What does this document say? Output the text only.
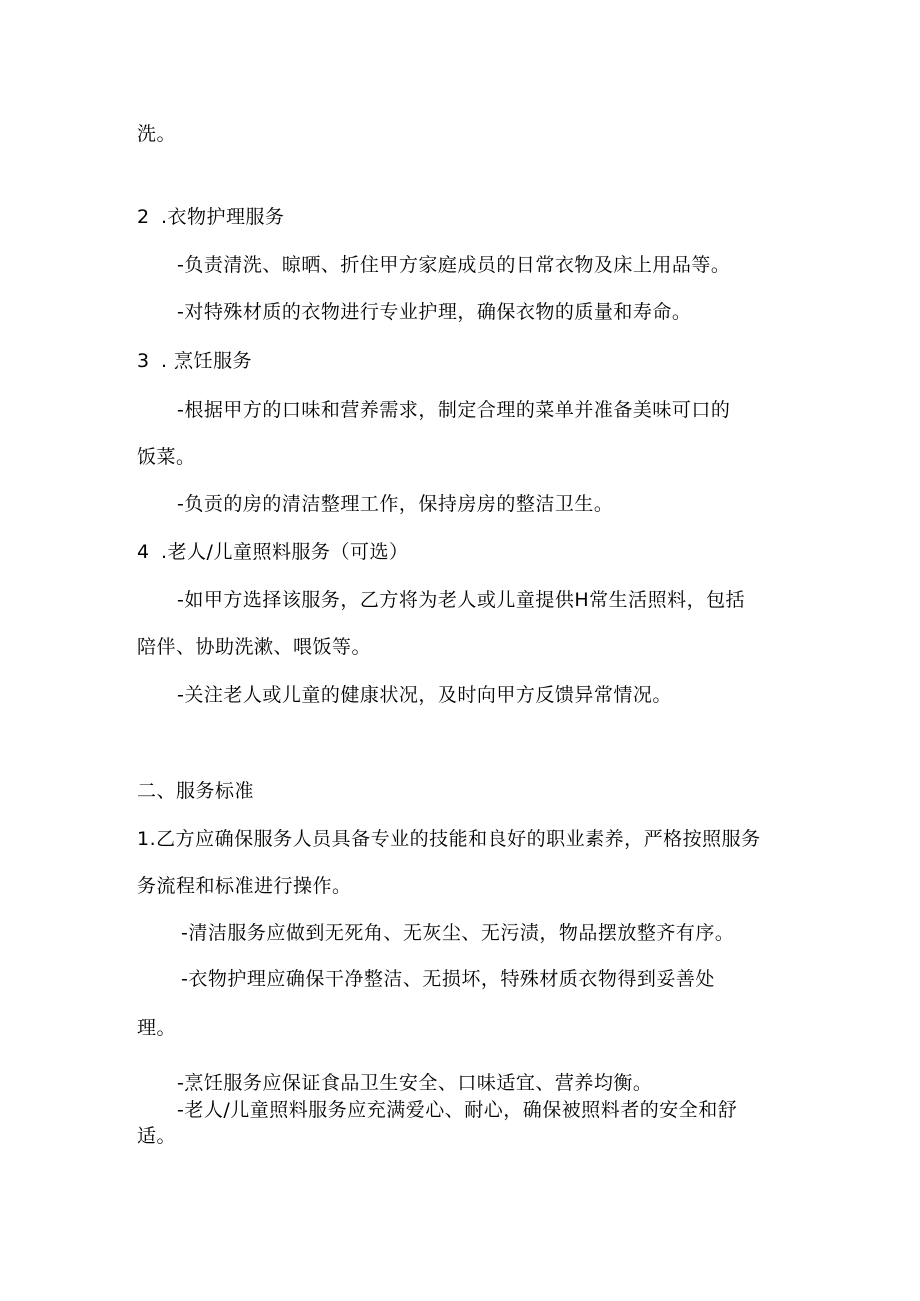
洗。
2 .衣物护理服务
-负责清洗、晾晒、折住甲方家庭成员的日常衣物及床上用品等。
-对特殊材质的衣物进行专业护理，确保衣物的质量和寿命。
3 . 烹饪服务
-根据甲方的口味和营养需求，制定合理的菜单并准备美味可口的
饭菜。
-负贡的房的清洁整理工作，保持房房的整洁卫生。
4 .老人/儿童照料服务（可选）
-如甲方选择该服务，乙方将为老人或儿童提供H常生活照料，包括
陪伴、协助洗漱、喂饭等。
-关注老人或儿童的健康状况，及时向甲方反馈异常情况。
二、服务标准
1.乙方应确保服务人员具备专业的技能和良好的职业素养，严格按照服务
务流程和标准进行操作。
-清洁服务应做到无死角、无灰尘、无污渍，物品摆放整齐有序。
-衣物护理应确保干净整洁、无损坏，特殊材质衣物得到妥善处
理。
-烹饪服务应保证食品卫生安全、口味适宜、营养均衡。
-老人/儿童照料服务应充满爱心、耐心，确保被照料者的安全和舒
适。
